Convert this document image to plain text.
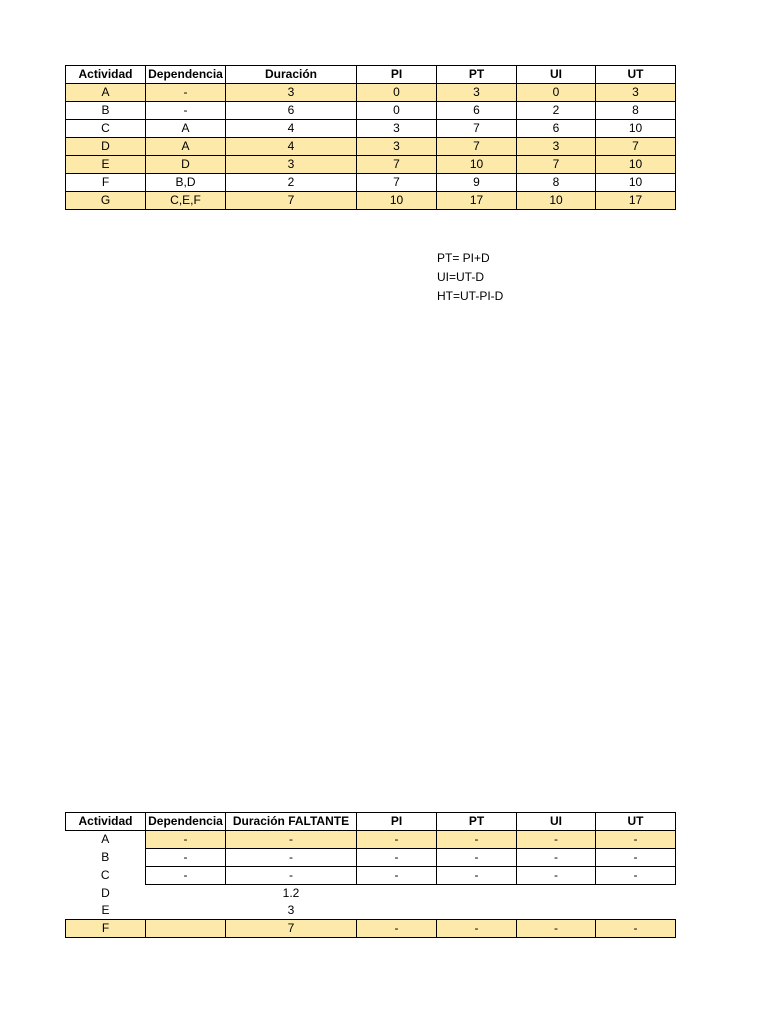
Actividad	Dependencia	Duración	PI	PT	UI	UT
A	-	3	0	3	0	3
B	-	6	0	6	2	8
C	A	4	3	7	6	10
D	A	4	3	7	3	7
E	D	3	7	10	7	10
F	B,D	2	7	9	8	10
G	C,E,F	7	10	17	10	17
PT= PI+D
UI=UT-D
HT=UT-PI-D
Actividad	Dependencia	Duración FALTANTE	PI	PT	UI	UT
A	-	-	-	-	-	-
B	-	-	-	-	-	-
C	-	-	-	-	-	-
D		1.2				
E		3				
F		7	-	-	-	-
